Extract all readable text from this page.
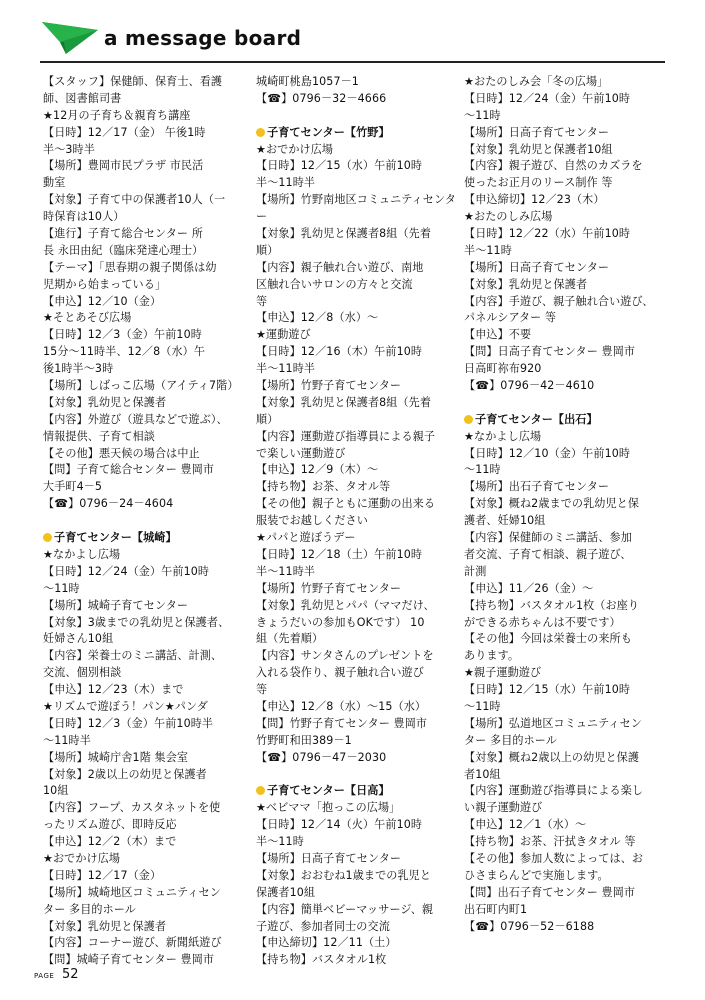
a message board
【スタッフ】保健師、保育士、看護
師、図書館司書
★12月の子育ち＆親育ち講座
【日時】12／17（金） 午後1時
半～3時半
【場所】豊岡市民プラザ 市民活
動室
【対象】子育て中の保護者10人（一
時保育は10人）
【進行】子育て総合センター 所
長 永田由紀（臨床発達心理士）
【テーマ】「思春期の親子関係は幼
児期から始まっている」
【申込】12／10（金）
★そとあそび広場
【日時】12／3（金）午前10時
15分～11時半、12／8（水）午
後1時半～3時
【場所】しばっこ広場（アイティ7階）
【対象】乳幼児と保護者
【内容】外遊び（遊具などで遊ぶ）、
情報提供、子育て相談
【その他】悪天候の場合は中止
【問】子育て総合センター 豊岡市
大手町4－5
【☎】0796－24－4604
子育てセンター【城崎】
★なかよし広場
【日時】12／24（金）午前10時
～11時
【場所】城崎子育てセンター
【対象】3歳までの乳幼児と保護者、
妊婦さん10組
【内容】栄養士のミニ講話、計測、
交流、個別相談
【申込】12／23（木）まで
★リズムで遊ぼう！パン★パンダ
【日時】12／3（金）午前10時半
～11時半
【場所】城崎庁舎1階 集会室
【対象】2歳以上の幼児と保護者
10組
【内容】フープ、カスタネットを使
ったリズム遊び、即時反応
【申込】12／2（木）まで
★おでかけ広場
【日時】12／17（金）
【場所】城崎地区コミュニティセン
ター 多目的ホール
【対象】乳幼児と保護者
【内容】コーナー遊び、新聞紙遊び
【問】城崎子育てセンター 豊岡市
城崎町桃島1057－1
【☎】0796－32－4666
子育てセンター【竹野】
★おでかけ広場
【日時】12／15（水）午前10時
半～11時半
【場所】竹野南地区コミュニティセンタ
ー
【対象】乳幼児と保護者8組（先着
順）
【内容】親子触れ合い遊び、南地
区触れ合いサロンの方々と交流
等
【申込】12／8（水）～
★運動遊び
【日時】12／16（木）午前10時
半～11時半
【場所】竹野子育てセンター
【対象】乳幼児と保護者8組（先着
順）
【内容】運動遊び指導員による親子
で楽しい運動遊び
【申込】12／9（木）～
【持ち物】お茶、タオル等
【その他】親子ともに運動の出来る
服装でお越しください
★パパと遊ぼうデー
【日時】12／18（土）午前10時
半～11時半
【場所】竹野子育てセンター
【対象】乳幼児とパパ（ママだけ、
きょうだいの参加もOKです） 10
組（先着順）
【内容】サンタさんのプレゼントを
入れる袋作り、親子触れ合い遊び
等
【申込】12／8（水）～15（水）
【問】竹野子育てセンター 豊岡市
竹野町和田389－1
【☎】0796－47－2030
子育てセンター【日高】
★ベビママ「抱っこの広場」
【日時】12／14（火）午前10時
半～11時
【場所】日高子育てセンター
【対象】おおむね1歳までの乳児と
保護者10組
【内容】簡単ベビーマッサージ、親
子遊び、参加者同士の交流
【申込締切】12／11（土）
【持ち物】バスタオル1枚
★おたのしみ会「冬の広場」
【日時】12／24（金）午前10時
～11時
【場所】日高子育てセンター
【対象】乳幼児と保護者10組
【内容】親子遊び、自然のカズラを
使ったお正月のリース制作 等
【申込締切】12／23（木）
★おたのしみ広場
【日時】12／22（水）午前10時
半～11時
【場所】日高子育てセンター
【対象】乳幼児と保護者
【内容】手遊び、親子触れ合い遊び、
パネルシアター 等
【申込】不要
【問】日高子育てセンター 豊岡市
日高町祢布920
【☎】0796－42－4610
子育てセンター【出石】
★なかよし広場
【日時】12／10（金）午前10時
～11時
【場所】出石子育てセンター
【対象】概ね2歳までの乳幼児と保
護者、妊婦10組
【内容】保健師のミニ講話、参加
者交流、子育て相談、親子遊び、
計測
【申込】11／26（金）～
【持ち物】バスタオル1枚（お座り
ができる赤ちゃんは不要です）
【その他】今回は栄養士の来所も
あります。
★親子運動遊び
【日時】12／15（水）午前10時
～11時
【場所】弘道地区コミュニティセン
ター 多目的ホール
【対象】概ね2歳以上の幼児と保護
者10組
【内容】運動遊び指導員による楽し
い親子運動遊び
【申込】12／1（水）～
【持ち物】お茶、汗拭きタオル 等
【その他】参加人数によっては、お
ひさまらんどで実施します。
【問】出石子育てセンター 豊岡市
出石町内町1
【☎】0796－52－6188
PAGE 52
